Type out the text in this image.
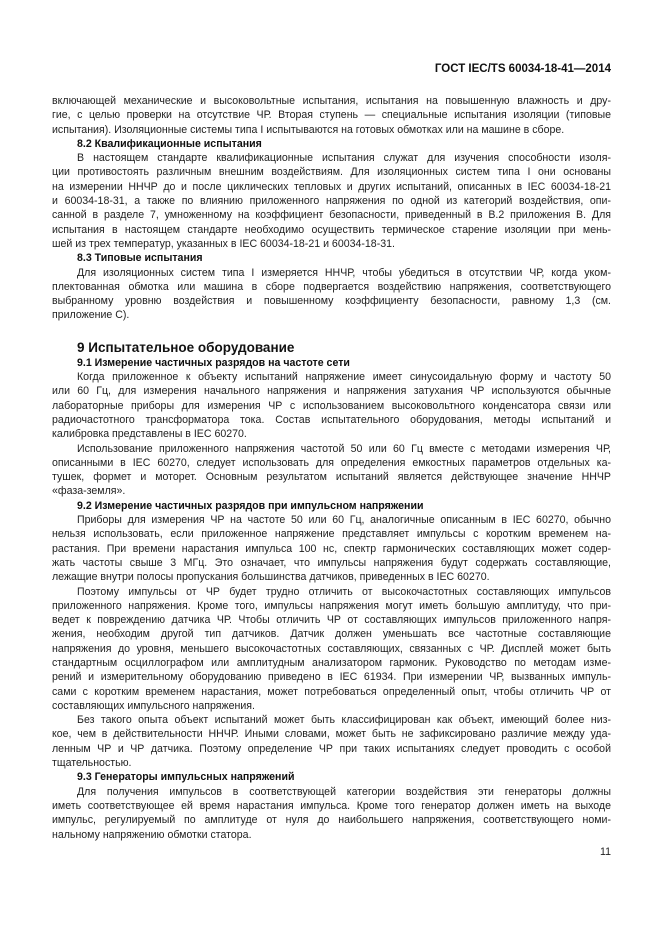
ГОСТ IEC/TS 60034-18-41—2014
включающей механические и высоковольтные испытания, испытания на повышенную влажность и дру-
гие, с целью проверки на отсутствие ЧР. Вторая ступень — специальные испытания изоляции (типовые
испытания). Изоляционные системы типа I испытываются на готовых обмотках или на машине в сборе.
8.2 Квалификационные испытания
В настоящем стандарте квалификационные испытания служат для изучения способности изоля-
ции противостоять различным внешним воздействиям. Для изоляционных систем типа I они основаны
на измерении ННЧР до и после циклических тепловых и других испытаний, описанных в IEC 60034-18-21
и 60034-18-31, а также по влиянию приложенного напряжения по одной из категорий воздействия, опи-
санной в разделе 7, умноженному на коэффициент безопасности, приведенный в В.2 приложения В. Для
испытания в настоящем стандарте необходимо осуществить термическое старение изоляции при мень-
шей из трех температур, указанных в IEC 60034-18-21 и 60034-18-31.
8.3 Типовые испытания
Для изоляционных систем типа I измеряется ННЧР, чтобы убедиться в отсутствии ЧР, когда уком-
плектованная обмотка или машина в сборе подвергается воздействию напряжения, соответствующего
выбранному уровню воздействия и повышенному коэффициенту безопасности, равному 1,3 (см.
приложение С).
9 Испытательное оборудование
9.1 Измерение частичных разрядов на частоте сети
Когда приложенное к объекту испытаний напряжение имеет синусоидальную форму и частоту 50
или 60 Гц, для измерения начального напряжения и напряжения затухания ЧР используются обычные
лабораторные приборы для измерения ЧР с использованием высоковольтного конденсатора связи или
радиочастотного трансформатора тока. Состав испытательного оборудования, методы испытаний и
калибровка представлены в IEC 60270.
Использование приложенного напряжения частотой 50 или 60 Гц вместе с методами измерения ЧР,
описанными в IEC 60270, следует использовать для определения емкостных параметров отдельных ка-
тушек, формет и моторет. Основным результатом испытаний является действующее значение ННЧР
«фаза-земля».
9.2 Измерение частичных разрядов при импульсном напряжении
Приборы для измерения ЧР на частоте 50 или 60 Гц, аналогичные описанным в IEC 60270, обычно
нельзя использовать, если приложенное напряжение представляет импульсы с коротким временем на-
растания. При времени нарастания импульса 100 нс, спектр гармонических составляющих может содер-
жать частоты свыше 3 МГц. Это означает, что импульсы напряжения будут содержать составляющие,
лежащие внутри полосы пропускания большинства датчиков, приведенных в IEC 60270.
Поэтому импульсы от ЧР будет трудно отличить от высокочастотных составляющих импульсов
приложенного напряжения. Кроме того, импульсы напряжения могут иметь большую амплитуду, что при-
ведет к повреждению датчика ЧР. Чтобы отличить ЧР от составляющих импульсов приложенного напря-
жения, необходим другой тип датчиков. Датчик должен уменьшать все частотные составляющие
напряжения до уровня, меньшего высокочастотных составляющих, связанных с ЧР. Дисплей может быть
стандартным осциллографом или амплитудным анализатором гармоник. Руководство по методам изме-
рений и измерительному оборудованию приведено в IEC 61934. При измерении ЧР, вызванных импуль-
сами с коротким временем нарастания, может потребоваться определенный опыт, чтобы отличить ЧР от
составляющих импульсного напряжения.
Без такого опыта объект испытаний может быть классифицирован как объект, имеющий более низ-
кое, чем в действительности ННЧР. Иными словами, может быть не зафиксировано различие между уда-
ленным ЧР и ЧР датчика. Поэтому определение ЧР при таких испытаниях следует проводить с особой
тщательностью.
9.3 Генераторы импульсных напряжений
Для получения импульсов в соответствующей категории воздействия эти генераторы должны
иметь соответствующее ей время нарастания импульса. Кроме того генератор должен иметь на выходе
импульс, регулируемый по амплитуде от нуля до наибольшего напряжения, соответствующего номи-
нальному напряжению обмотки статора.
11
